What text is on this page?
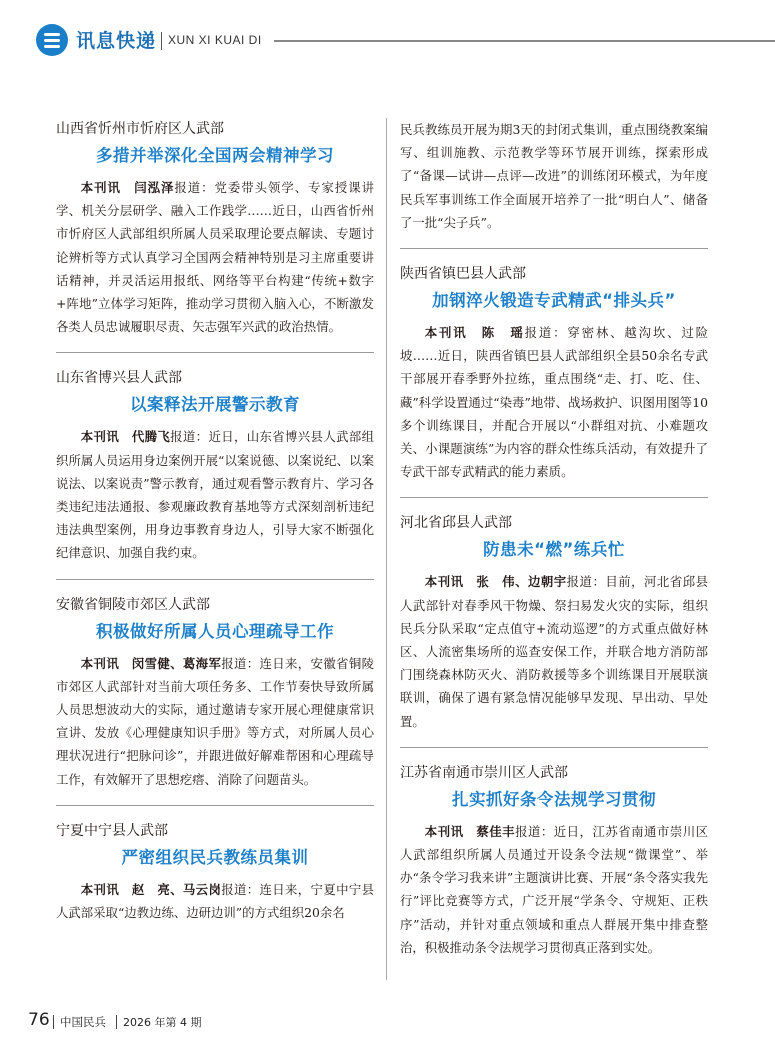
讯息快递 XUN XI KUAI DI

山西省忻州市忻府区人武部

多措并举深化全国两会精神学习

本刊讯　闫泓泽报道：党委带头领学、专家授课讲学、机关分层研学、融入工作践学……近日，山西省忻州市忻府区人武部组织所属人员采取理论要点解读、专题讨论辨析等方式认真学习全国两会精神特别是习主席重要讲话精神，并灵活运用报纸、网络等平台构建“传统+数字+阵地”立体学习矩阵，推动学习贯彻入脑入心，不断激发各类人员忠诚履职尽责、矢志强军兴武的政治热情。

山东省博兴县人武部

以案释法开展警示教育

本刊讯　代腾飞报道：近日，山东省博兴县人武部组织所属人员运用身边案例开展“以案说德、以案说纪、以案说法、以案说责”警示教育，通过观看警示教育片、学习各类违纪违法通报、参观廉政教育基地等方式深刻剖析违纪违法典型案例，用身边事教育身边人，引导大家不断强化纪律意识、加强自我约束。

安徽省铜陵市郊区人武部

积极做好所属人员心理疏导工作

本刊讯　闵雪健、葛海军报道：连日来，安徽省铜陵市郊区人武部针对当前大项任务多、工作节奏快导致所属人员思想波动大的实际，通过邀请专家开展心理健康常识宣讲、发放《心理健康知识手册》等方式，对所属人员心理状况进行“把脉问诊”，并跟进做好解难帮困和心理疏导工作，有效解开了思想疙瘩、消除了问题苗头。

宁夏中宁县人武部

严密组织民兵教练员集训

本刊讯　赵　亮、马云岗报道：连日来，宁夏中宁县人武部采取“边教边练、边研边训”的方式组织20余名

民兵教练员开展为期3天的封闭式集训，重点围绕教案编写、组训施教、示范教学等环节展开训练，探索形成了“备课—试讲—点评—改进”的训练闭环模式，为年度民兵军事训练工作全面展开培养了一批“明白人”、储备了一批“尖子兵”。

陕西省镇巴县人武部

加钢淬火锻造专武精武“排头兵”

本刊讯　陈　瑶报道：穿密林、越沟坎、过险坡……近日，陕西省镇巴县人武部组织全县50余名专武干部展开春季野外拉练，重点围绕“走、打、吃、住、藏”科学设置通过“染毒”地带、战场救护、识图用图等10多个训练课目，并配合开展以“小群组对抗、小难题攻关、小课题演练”为内容的群众性练兵活动，有效提升了专武干部专武精武的能力素质。

河北省邱县人武部

防患未“燃”练兵忙

本刊讯　张　伟、边朝宇报道：目前，河北省邱县人武部针对春季风干物燥、祭扫易发火灾的实际，组织民兵分队采取“定点值守+流动巡逻”的方式重点做好林区、人流密集场所的巡查安保工作，并联合地方消防部门围绕森林防灭火、消防救援等多个训练课目开展联演联训，确保了遇有紧急情况能够早发现、早出动、早处置。

江苏省南通市崇川区人武部

扎实抓好条令法规学习贯彻

本刊讯　蔡佳丰报道：近日，江苏省南通市崇川区人武部组织所属人员通过开设条令法规“微课堂”、举办“条令学习我来讲”主题演讲比赛、开展“条令落实我先行”评比竞赛等方式，广泛开展“学条令、守规矩、正秩序”活动，并针对重点领域和重点人群展开集中排查整治，积极推动条令法规学习贯彻真正落到实处。

76 中国民兵 2026 年第 4 期
